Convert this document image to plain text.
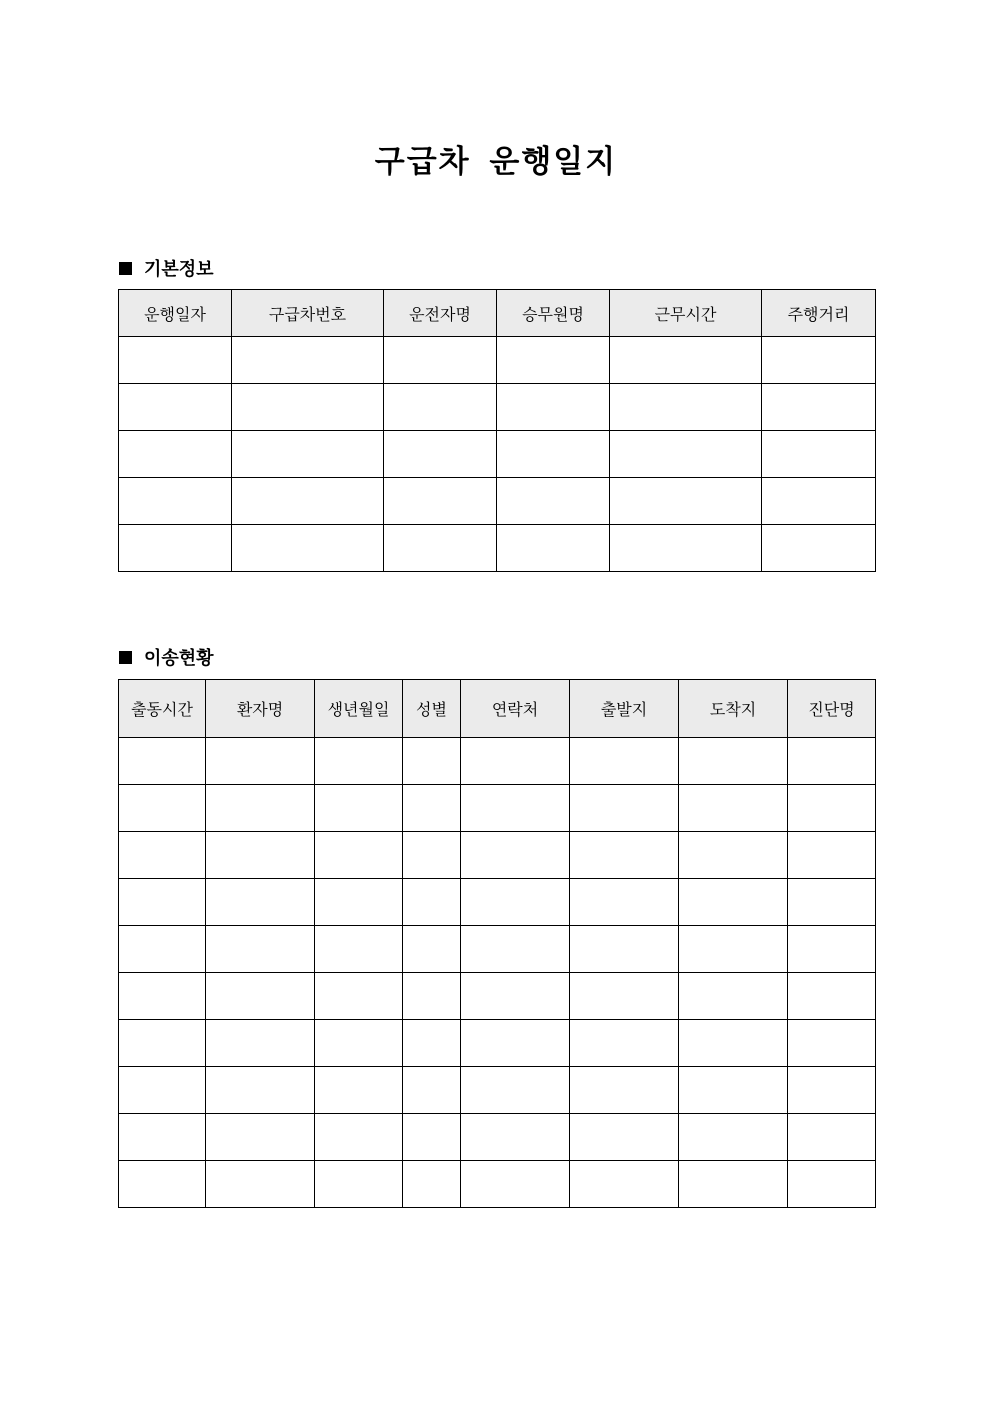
구급차 운행일지
기본정보
운행일자	구급차번호	운전자명	승무원명	근무시간	주행거리

이송현황
출동시간	환자명	생년월일	성별	연락처	출발지	도착지	진단명
